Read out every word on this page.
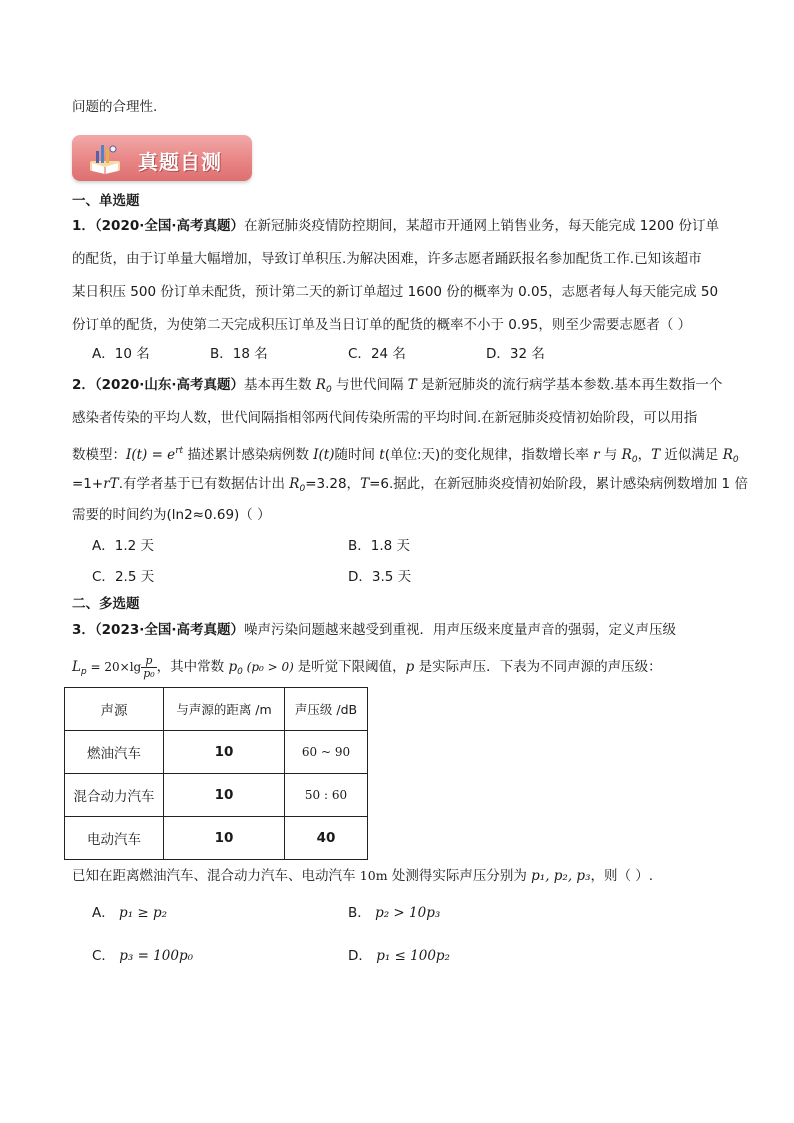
问题的合理性.
真题自测
一、单选题
1．（2020·全国·高考真题）在新冠肺炎疫情防控期间，某超市开通网上销售业务，每天能完成 1200 份订单
的配货，由于订单量大幅增加，导致订单积压.为解决困难，许多志愿者踊跃报名参加配货工作.已知该超市
某日积压 500 份订单未配货，预计第二天的新订单超过 1600 份的概率为 0.05，志愿者每人每天能完成 50
份订单的配货，为使第二天完成积压订单及当日订单的配货的概率不小于 0.95，则至少需要志愿者（ ）
A．10 名	B．18 名	C．24 名	D．32 名
2．（2020·山东·高考真题）基本再生数 $R_0$ 与世代间隔 T 是新冠肺炎的流行病学基本参数.基本再生数指一个
感染者传染的平均人数，世代间隔指相邻两代间传染所需的平均时间.在新冠肺炎疫情初始阶段，可以用指
数模型：$I(t) = e^{rt}$ 描述累计感染病例数 I(t)随时间 t(单位:天)的变化规律，指数增长率 r 与 $R_0$，T 近似满足 $R_0$
=1+rT.有学者基于已有数据估计出 $R_0=3.28$，T=6.据此，在新冠肺炎疫情初始阶段，累计感染病例数增加 1 倍
需要的时间约为(ln2≈0.69)（ ）
A．1.2 天	B．1.8 天
C．2.5 天	D．3.5 天
二、多选题
3．（2023·全国·高考真题）噪声污染问题越来越受到重视．用声压级来度量声音的强弱，定义声压级
$L_p = 20\times\lg \frac{p}{\text{p₀}}$ ，其中常数 $p_0$ (p₀ > 0) 是听觉下限阈值，p 是实际声压．下表为不同声源的声压级：
声源	与声源的距离 /m	声压级 /dB
燃油汽车	10	60 ~ 90
混合动力汽车	10	50 : 60
电动汽车	10	40
已知在距离燃油汽车、混合动力汽车、电动汽车 10m 处测得实际声压分别为 p₁, p₂, p₃，则（ ）.
A． p₁ ≥ p₂	B． p₂ > 10p₃
C． p₃ = 100p₀	D． p₁ ≤ 100p₂
